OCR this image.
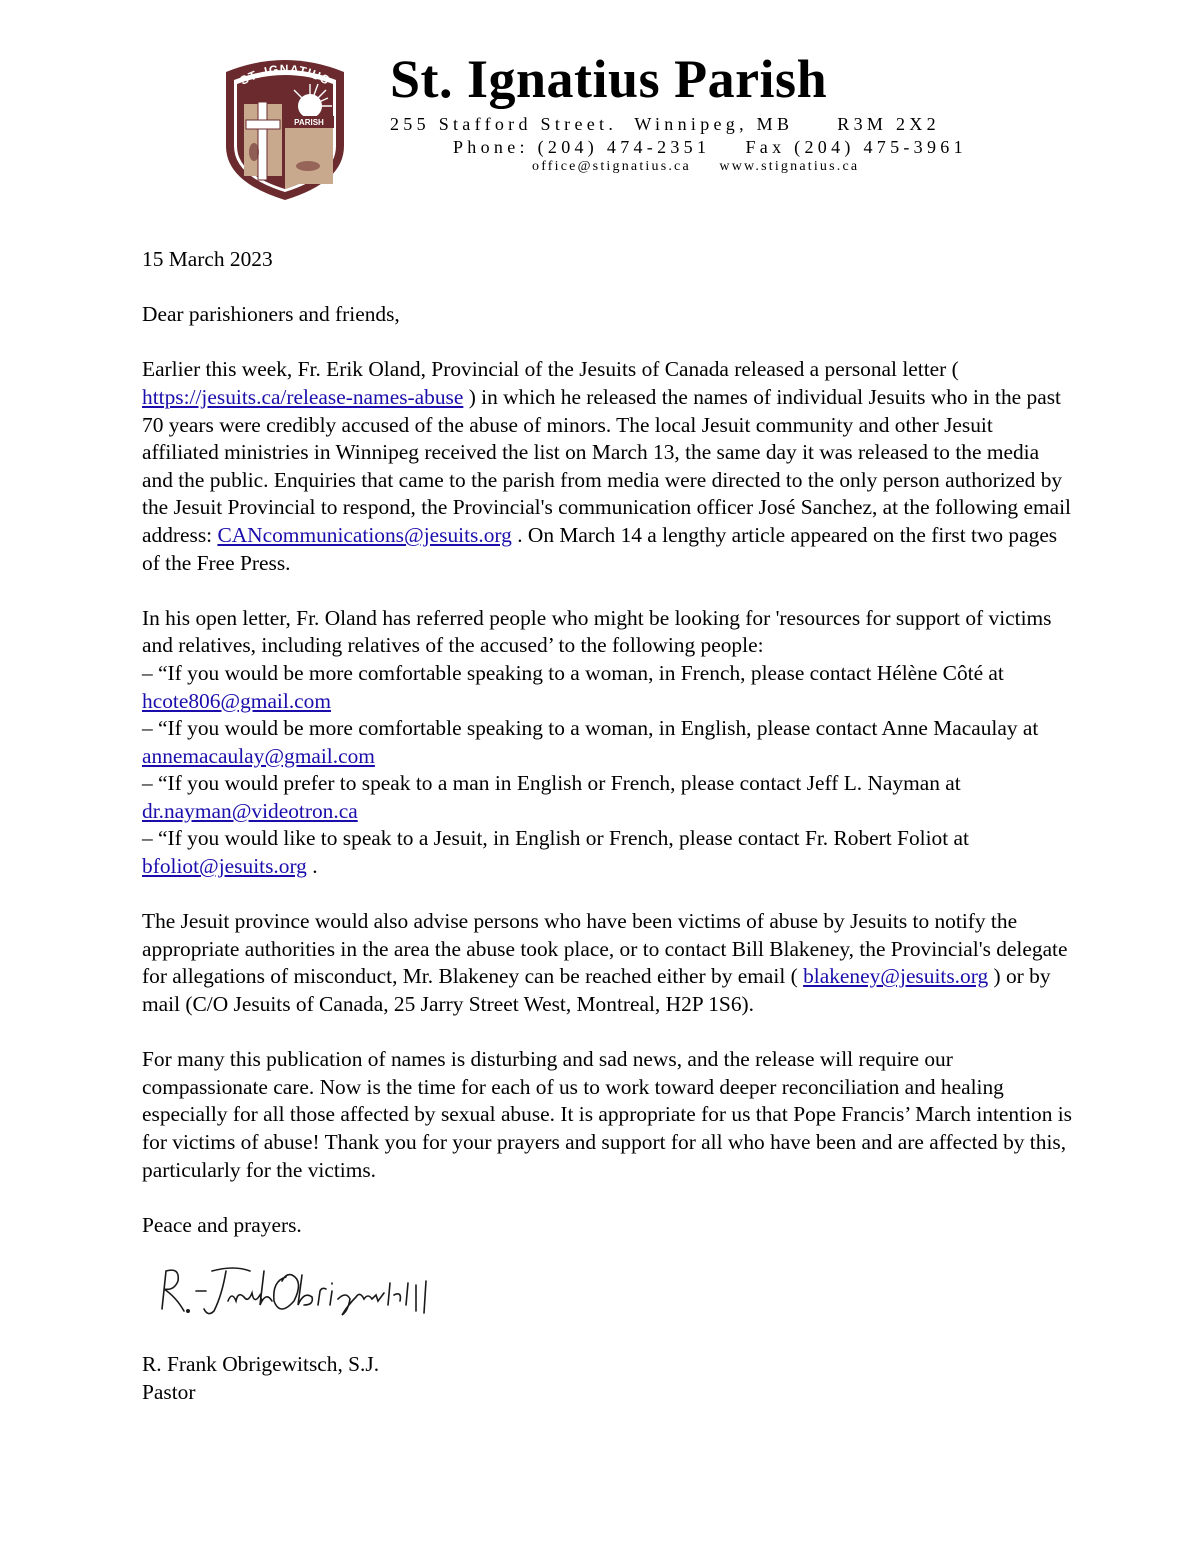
PARISH
ST. IGNATIUS St. Ignatius Parish
255 Stafford Street.  Winnipeg, MB     R3M 2X2
Phone: (204) 474-2351    Fax (204) 475-3961
office@stignatius.ca     www.stignatius.ca

15 March 2023

Dear parishioners and friends,

Earlier this week, Fr. Erik Oland, Provincial of the Jesuits of Canada released a personal letter ( https://jesuits.ca/release-names-abuse ) in which he released the names of individual Jesuits who in the past 70 years were credibly accused of the abuse of minors. The local Jesuit community and other Jesuit affiliated ministries in Winnipeg received the list on March 13, the same day it was released to the media and the public. Enquiries that came to the parish from media were directed to the only person authorized by the Jesuit Provincial to respond, the Provincial's communication officer José Sanchez, at the following email address: CANcommunications@jesuits.org . On March 14 a lengthy article appeared on the first two pages of the Free Press.

In his open letter, Fr. Oland has referred people who might be looking for 'resources for support of victims and relatives, including relatives of the accused’ to the following people:

– “If you would be more comfortable speaking to a woman, in French, please contact Hélène Côté at hcote806@gmail.com

– “If you would be more comfortable speaking to a woman, in English, please contact Anne Macaulay at annemacaulay@gmail.com

– “If you would prefer to speak to a man in English or French, please contact Jeff L. Nayman at dr.nayman@videotron.ca

– “If you would like to speak to a Jesuit, in English or French, please contact Fr. Robert Foliot at bfoliot@jesuits.org .

The Jesuit province would also advise persons who have been victims of abuse by Jesuits to notify the appropriate authorities in the area the abuse took place, or to contact Bill Blakeney, the Provincial's delegate for allegations of misconduct, Mr. Blakeney can be reached either by email ( blakeney@jesuits.org ) or by mail (C/O Jesuits of Canada, 25 Jarry Street West, Montreal, H2P 1S6).

For many this publication of names is disturbing and sad news, and the release will require our compassionate care. Now is the time for each of us to work toward deeper reconciliation and healing especially for all those affected by sexual abuse. It is appropriate for us that Pope Francis’ March intention is for victims of abuse! Thank you for your prayers and support for all who have been and are affected by this, particularly for the victims.

Peace and prayers.

R. Frank Obrigewitsch, S.J.

Pastor
